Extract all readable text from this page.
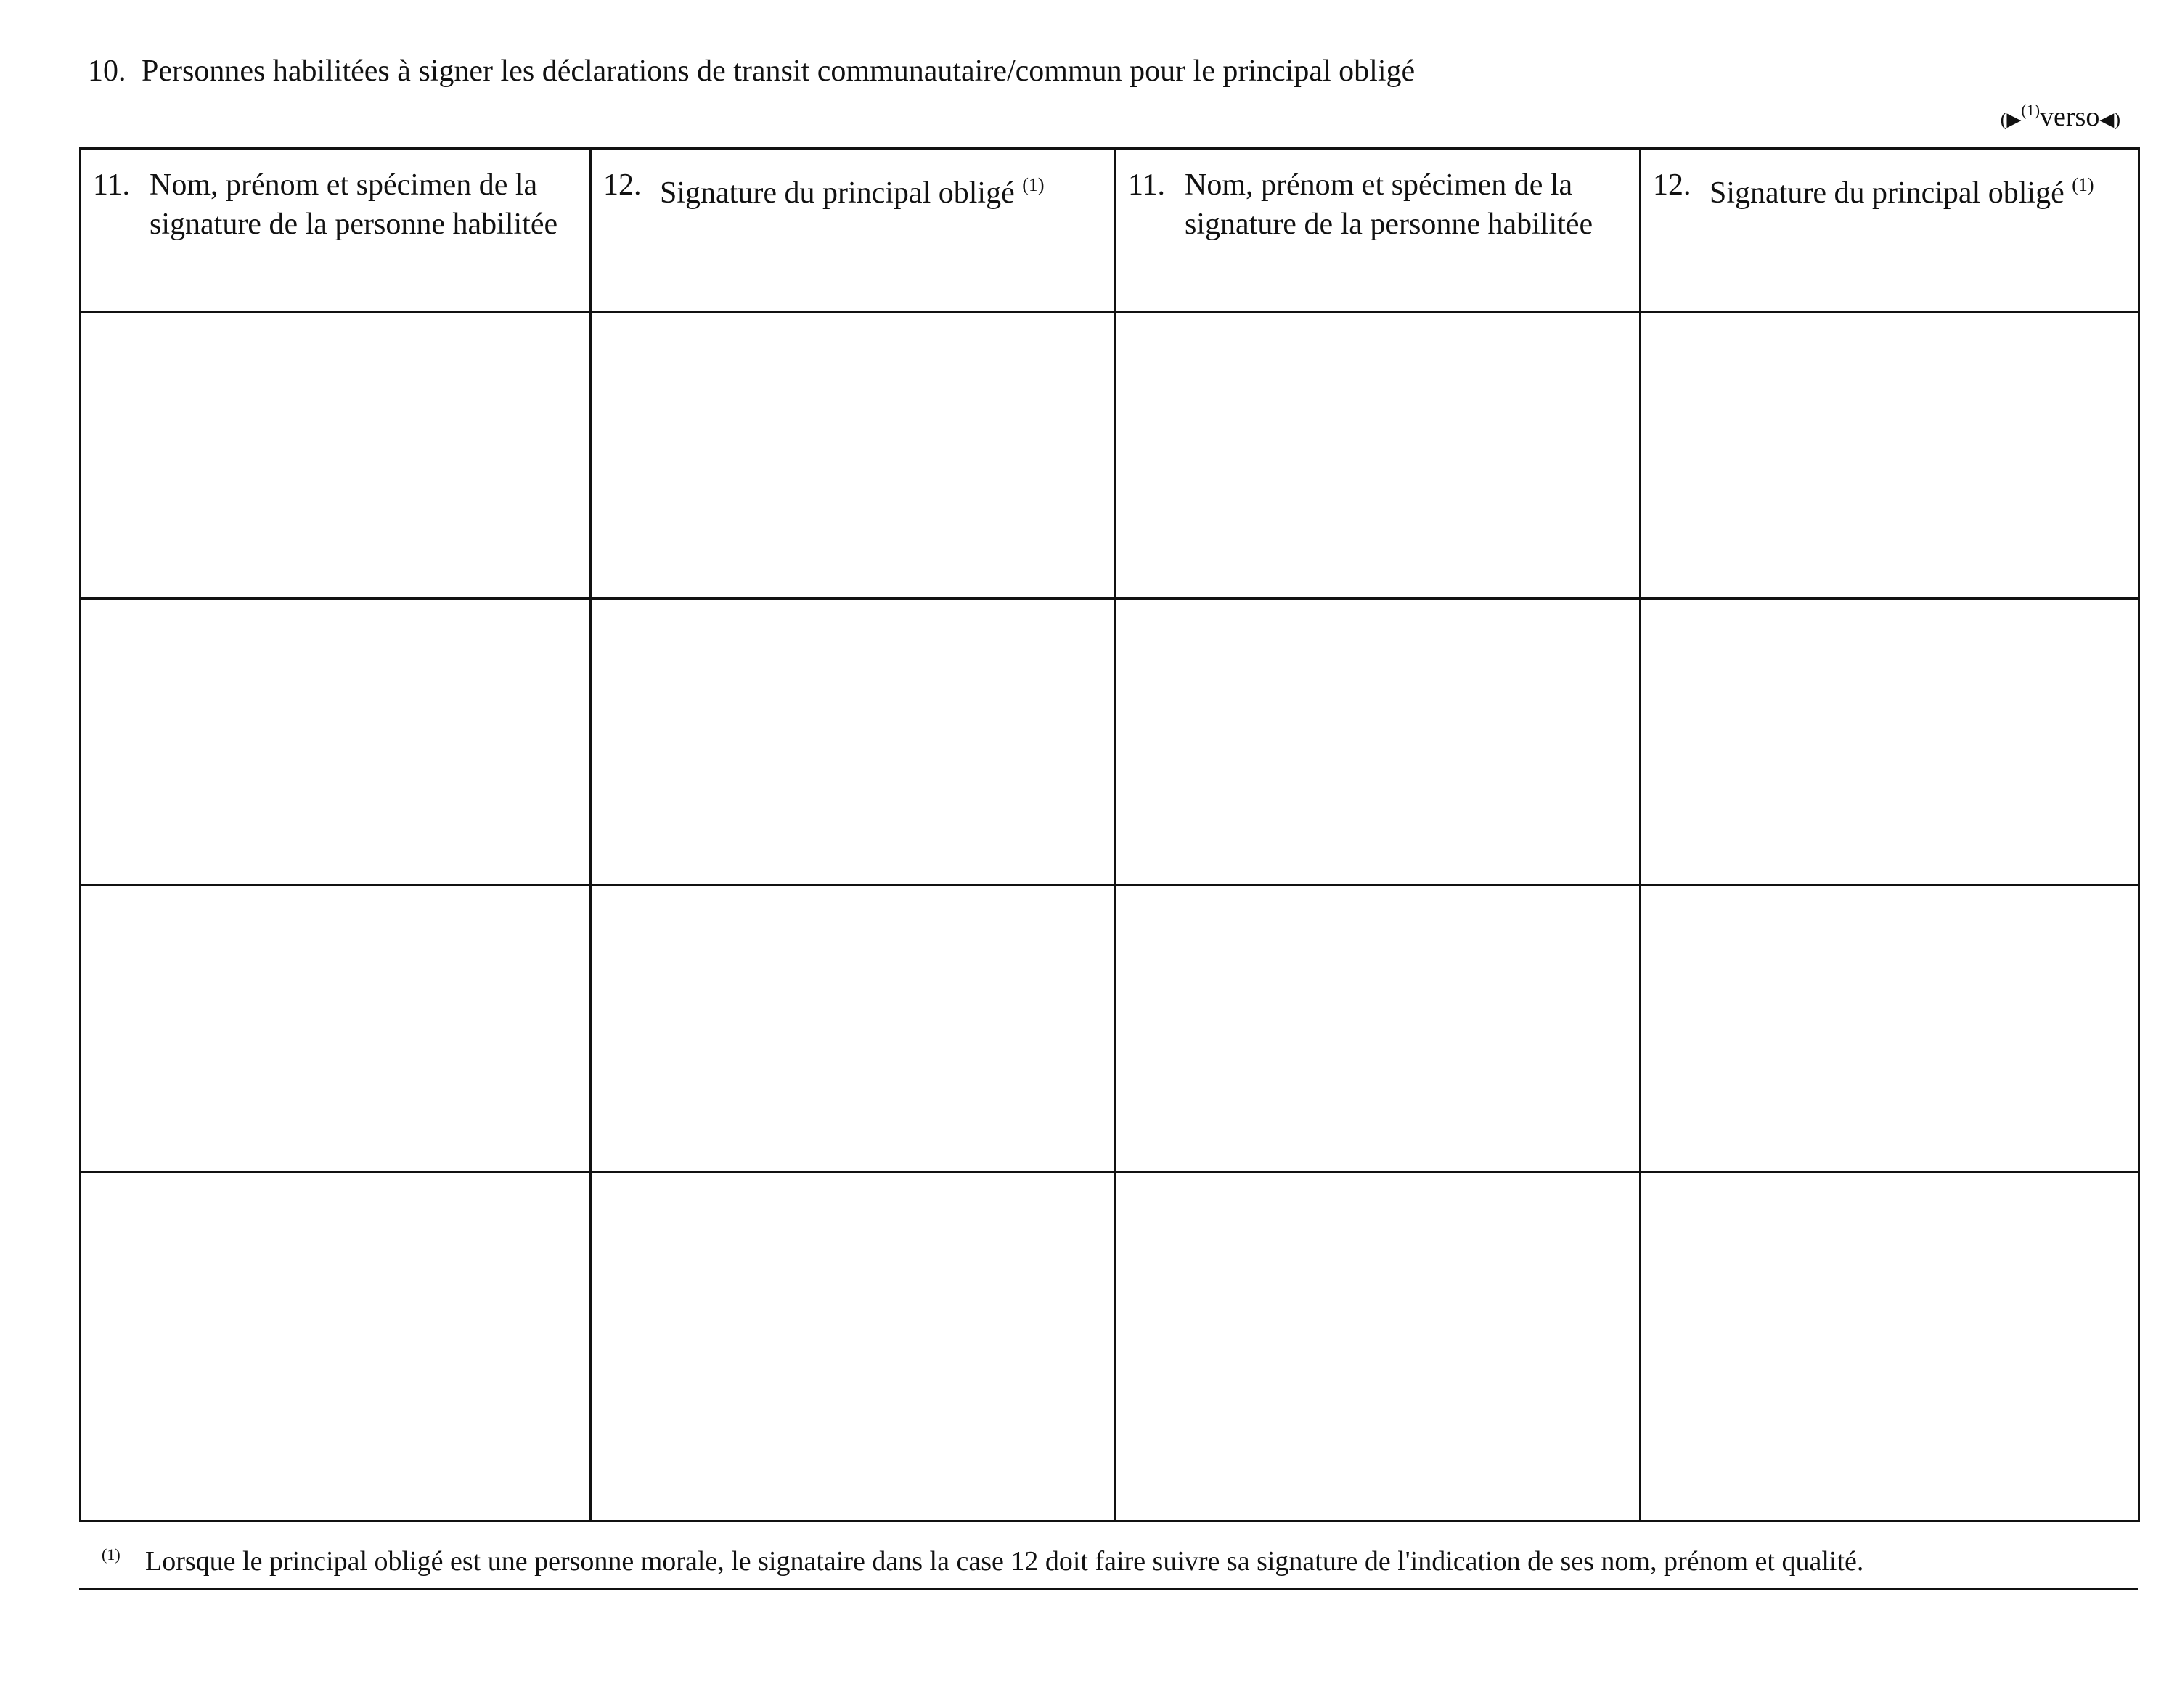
10. Personnes habilitées à signer les déclarations de transit communautaire/commun pour le principal obligé
(▶$^{(1)}$verso◀)
11. Nom, prénom et spécimen de la signature de la personne habilitée	12. Signature du principal obligé $^{(1)}$	11. Nom, prénom et spécimen de la signature de la personne habilitée	12. Signature du principal obligé $^{(1)}$

$^{(1)}$ Lorsque le principal obligé est une personne morale, le signataire dans la case 12 doit faire suivre sa signature de l'indication de ses nom, prénom et qualité.
